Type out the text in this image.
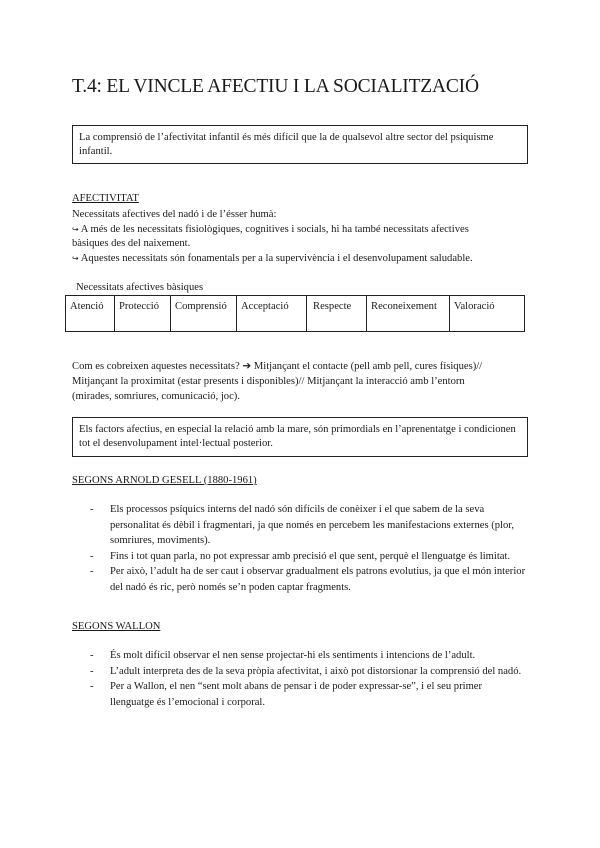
T.4: EL VINCLE AFECTIU I LA SOCIALITZACIÓ
La comprensió de l’afectivitat infantil és més difícil que la de qualsevol altre sector del psiquisme infantil.
AFECTIVITAT
Necessitats afectives del nadó i de l’ésser humà:
↪ A més de les necessitats fisiològiques, cognitives i socials, hi ha també necessitats afectives
bàsiques des del naixement.
↪ Aquestes necessitats són fonamentals per a la supervivència i el desenvolupament saludable.
Necessitats afectives bàsiques
Atenció	Protecció	Comprensió	Acceptació	Respecte	Reconeixement	Valoració
Com es cobreixen aquestes necessitats? ➔ Mitjançant el contacte (pell amb pell, cures físiques)//
Mitjançant la proximitat (estar presents i disponibles)// Mitjançant la interacció amb l’entorn
(mirades, somriures, comunicació, joc).
Els factors afectius, en especial la relació amb la mare, són primordials en l’aprenentatge i condicionen tot el desenvolupament intel·lectual posterior.
SEGONS ARNOLD GESELL (1880-1961)
- Els processos psíquics interns del nadó són difícils de conèixer i el que sabem de la seva personalitat és dèbil i fragmentari, ja que només en percebem les manifestacions externes (plor, somriures, moviments).
- Fins i tot quan parla, no pot expressar amb precisió el que sent, perquè el llenguatge és limitat.
- Per això, l’adult ha de ser caut i observar gradualment els patrons evolutius, ja que el món interior del nadó és ric, però només se’n poden captar fragments.
SEGONS WALLON
- És molt difícil observar el nen sense projectar-hi els sentiments i intencions de l’adult.
- L’adult interpreta des de la seva pròpia afectivitat, i això pot distorsionar la comprensió del nadó.
- Per a Wallon, el nen “sent molt abans de pensar i de poder expressar-se”, i el seu primer llenguatge és l’emocional i corporal.
